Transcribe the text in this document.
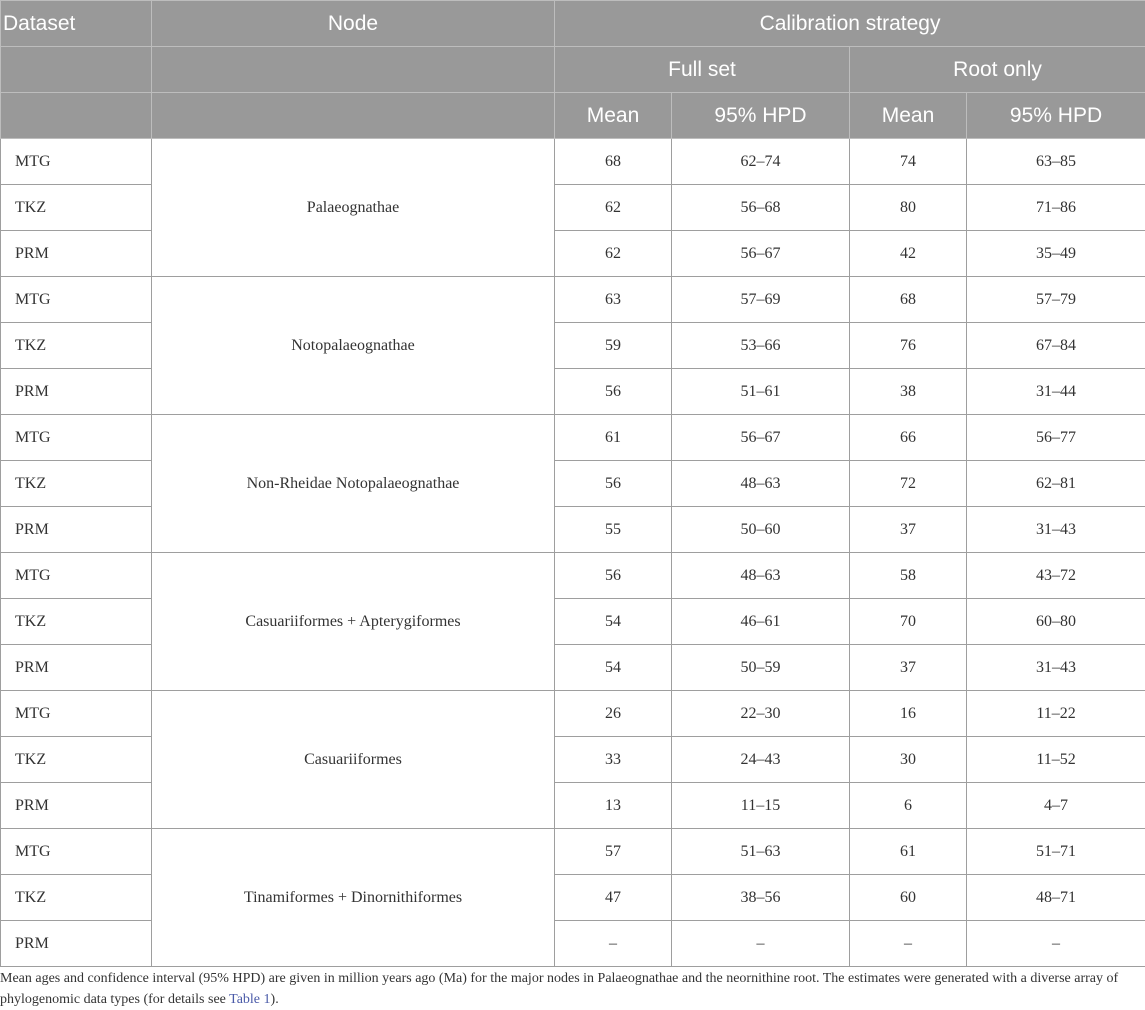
Dataset	Node	Calibration strategy			
		Full set		Root only	
		Mean	95% HPD	Mean	95% HPD
MTG	Palaeognathae	68	62–74	74	63–85
TKZ		62	56–68	80	71–86
PRM		62	56–67	42	35–49
MTG	Notopalaeognathae	63	57–69	68	57–79
TKZ		59	53–66	76	67–84
PRM		56	51–61	38	31–44
MTG	Non-Rheidae Notopalaeognathae	61	56–67	66	56–77
TKZ		56	48–63	72	62–81
PRM		55	50–60	37	31–43
MTG	Casuariiformes + Apterygiformes	56	48–63	58	43–72
TKZ		54	46–61	70	60–80
PRM		54	50–59	37	31–43
MTG	Casuariiformes	26	22–30	16	11–22
TKZ		33	24–43	30	11–52
PRM		13	11–15	6	4–7
MTG	Tinamiformes + Dinornithiformes	57	51–63	61	51–71
TKZ		47	38–56	60	48–71
PRM		–	–	–	–
Mean ages and confidence interval (95% HPD) are given in million years ago (Ma) for the major nodes in Palaeognathae and the neornithine root. The estimates were generated with a diverse array of phylogenomic data types (for details see Table 1).
